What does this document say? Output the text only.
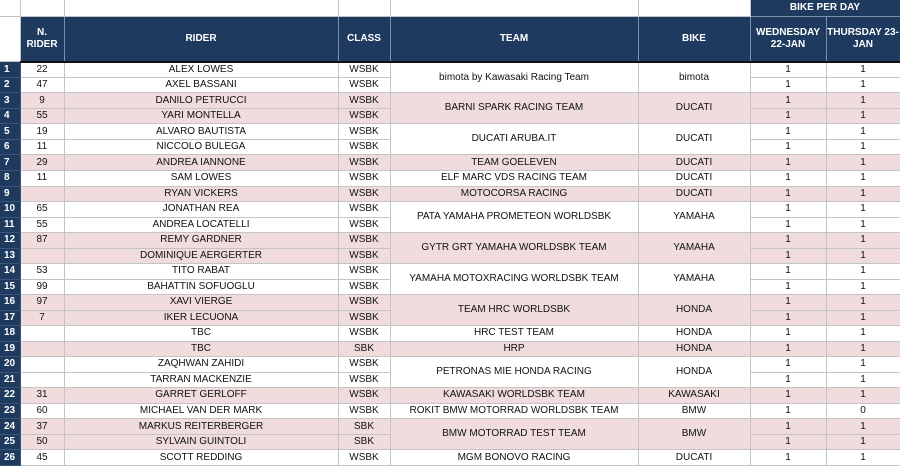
						BIKE PER DAY	
	N. RIDER	RIDER	CLASS	TEAM	BIKE	WEDNESDAY 22-JAN	THURSDAY 23-JAN
1	22	ALEX LOWES	WSBK	bimota by Kawasaki Racing Team	bimota	1	1
2	47	AXEL BASSANI	WSBK			1	1
3	9	DANILO PETRUCCI	WSBK	BARNI SPARK RACING TEAM	DUCATI	1	1
4	55	YARI MONTELLA	WSBK			1	1
5	19	ALVARO BAUTISTA	WSBK	DUCATI ARUBA.IT	DUCATI	1	1
6	11	NICCOLO BULEGA	WSBK			1	1
7	29	ANDREA IANNONE	WSBK	TEAM GOELEVEN	DUCATI	1	1
8	11	SAM LOWES	WSBK	ELF MARC VDS RACING TEAM	DUCATI	1	1
9		RYAN VICKERS	WSBK	MOTOCORSA RACING	DUCATI	1	1
10	65	JONATHAN REA	WSBK	PATA YAMAHA PROMETEON WORLDSBK	YAMAHA	1	1
11	55	ANDREA LOCATELLI	WSBK			1	1
12	87	REMY GARDNER	WSBK	GYTR GRT YAMAHA WORLDSBK TEAM	YAMAHA	1	1
13		DOMINIQUE AERGERTER	WSBK			1	1
14	53	TITO RABAT	WSBK	YAMAHA MOTOXRACING WORLDSBK TEAM	YAMAHA	1	1
15	99	BAHATTIN SOFUOGLU	WSBK			1	1
16	97	XAVI VIERGE	WSBK	TEAM HRC WORLDSBK	HONDA	1	1
17	7	IKER LECUONA	WSBK			1	1
18		TBC	WSBK	HRC TEST TEAM	HONDA	1	1
19		TBC	SBK	HRP	HONDA	1	1
20		ZAQHWAN ZAHIDI	WSBK	PETRONAS MIE HONDA RACING	HONDA	1	1
21		TARRAN MACKENZIE	WSBK			1	1
22	31	GARRET GERLOFF	WSBK	KAWASAKI WORLDSBK TEAM	KAWASAKI	1	1
23	60	MICHAEL VAN DER MARK	WSBK	ROKIT BMW MOTORRAD WORLDSBK TEAM	BMW	1	0
24	37	MARKUS REITERBERGER	SBK	BMW MOTORRAD TEST TEAM	BMW	1	1
25	50	SYLVAIN GUINTOLI	SBK			1	1
26	45	SCOTT REDDING	WSBK	MGM BONOVO RACING	DUCATI	1	1
